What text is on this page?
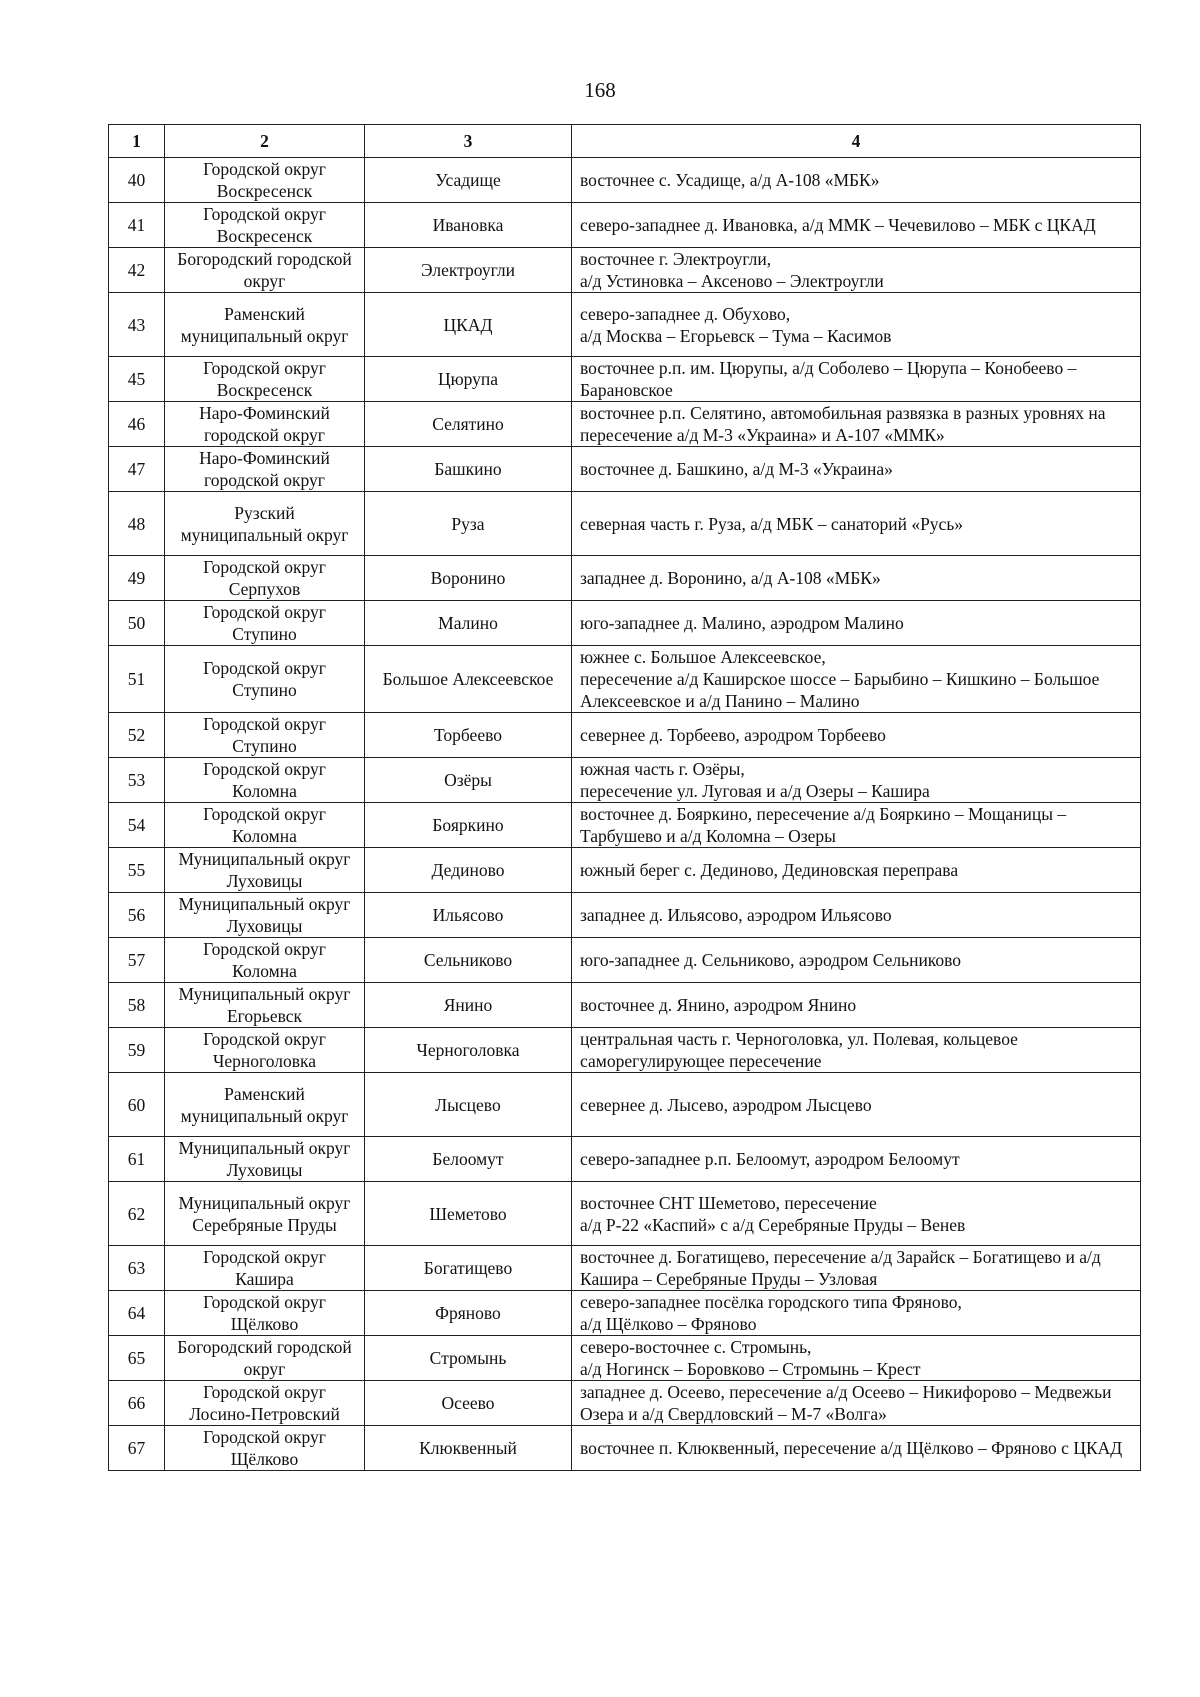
168
1	2	3	4
40	Городской округ Воскресенск	Усадище	восточнее с. Усадище, а/д А-108 «МБК»
41	Городской округ Воскресенск	Ивановка	северо-западнее д. Ивановка, а/д ММК – Чечевилово – МБК с ЦКАД
42	Богородский городской округ	Электроугли	восточнее г. Электроугли,
а/д Устиновка – Аксеново – Электроугли
43	Раменский муниципальный округ	ЦКАД	северо-западнее д. Обухово,
а/д Москва – Егорьевск – Тума – Касимов
45	Городской округ Воскресенск	Цюрупа	восточнее р.п. им. Цюрупы, а/д Соболево – Цюрупа – Конобеево – Барановское
46	Наро-Фоминский городской округ	Селятино	восточнее р.п. Селятино, автомобильная развязка в разных уровнях на пересечение а/д М-3 «Украина» и А-107 «ММК»
47	Наро-Фоминский городской округ	Башкино	восточнее д. Башкино, а/д М-3 «Украина»
48	Рузский муниципальный округ	Руза	северная часть г. Руза, а/д МБК – санаторий «Русь»
49	Городской округ Серпухов	Воронино	западнее д. Воронино, а/д А-108 «МБК»
50	Городской округ Ступино	Малино	юго-западнее д. Малино, аэродром Малино
51	Городской округ Ступино	Большое Алексеевское	южнее с. Большое Алексеевское,
пересечение а/д Каширское шоссе – Барыбино – Кишкино – Большое Алексеевское и а/д Панино – Малино
52	Городской округ Ступино	Торбеево	севернее д. Торбеево, аэродром Торбеево
53	Городской округ Коломна	Озёры	южная часть г. Озёры,
пересечение ул. Луговая и а/д Озеры – Кашира
54	Городской округ Коломна	Бояркино	восточнее д. Бояркино, пересечение а/д Бояркино – Мощаницы – Тарбушево и а/д Коломна – Озеры
55	Муниципальный округ Луховицы	Дединово	южный берег с. Дединово, Дединовская переправа
56	Муниципальный округ Луховицы	Ильясово	западнее д. Ильясово, аэродром Ильясово
57	Городской округ Коломна	Сельниково	юго-западнее д. Сельниково, аэродром Сельниково
58	Муниципальный округ Егорьевск	Янино	восточнее д. Янино, аэродром Янино
59	Городской округ Черноголовка	Черноголовка	центральная часть г. Черноголовка, ул. Полевая, кольцевое саморегулирующее пересечение
60	Раменский муниципальный округ	Лысцево	севернее д. Лысево, аэродром Лысцево
61	Муниципальный округ Луховицы	Белоомут	северо-западнее р.п. Белоомут, аэродром Белоомут
62	Муниципальный округ Серебряные Пруды	Шеметово	восточнее СНТ Шеметово, пересечение
а/д Р-22 «Каспий» с а/д Серебряные Пруды – Венев
63	Городской округ Кашира	Богатищево	восточнее д. Богатищево, пересечение а/д Зарайск – Богатищево и а/д Кашира – Серебряные Пруды – Узловая
64	Городской округ Щёлково	Фряново	северо-западнее посёлка городского типа Фряново,
а/д Щёлково – Фряново
65	Богородский городской округ	Стромынь	северо-восточнее с. Стромынь,
а/д Ногинск – Боровково – Стромынь – Крест
66	Городской округ Лосино-Петровский	Осеево	западнее д. Осеево, пересечение а/д Осеево – Никифорово – Медвежьи Озера и а/д Свердловский – М-7 «Волга»
67	Городской округ Щёлково	Клюквенный	восточнее п. Клюквенный, пересечение а/д Щёлково – Фряново с ЦКАД
